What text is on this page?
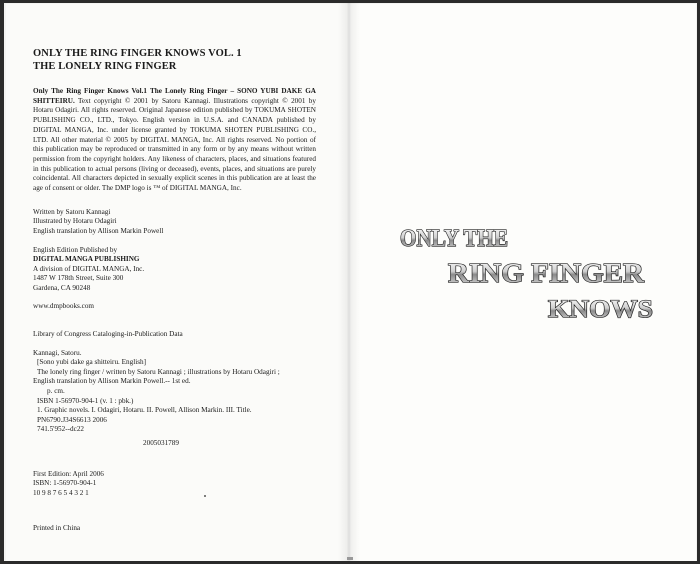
ONLY THE RING FINGER KNOWS VOL. 1

THE LONELY RING FINGER

Only The Ring Finger Knows Vol.1 The Lonely Ring Finger – SONO YUBI DAKE GA SHITTEIRU. Text copyright © 2001 by Satoru Kannagi. Illustrations copyright © 2001 by Hotaru Odagiri. All rights reserved. Original Japanese edition published by TOKUMA SHOTEN PUBLISHING CO., LTD., Tokyo. English version in U.S.A. and CANADA published by DIGITAL MANGA, Inc. under license granted by TOKUMA SHOTEN PUBLISHING CO., LTD. All other material © 2005 by DIGITAL MANGA, Inc. All rights reserved. No portion of this publication may be reproduced or transmitted in any form or by any means without written permission from the copyright holders. Any likeness of characters, places, and situations featured in this publication to actual persons (living or deceased), events, places, and situations are purely coincidental. All characters depicted in sexually explicit scenes in this publication are at least the age of consent or older. The DMP logo is ™ of DIGITAL MANGA, Inc.

Written by Satoru Kannagi
Illustrated by Hotaru Odagiri
English translation by Allison Markin Powell
English Edition Published by
DIGITAL MANGA PUBLISHING
A division of DIGITAL MANGA, Inc.
1487 W 178th Street, Suite 300
Gardena, CA 90248
www.dmpbooks.com
Library of Congress Cataloging-in-Publication Data
Kannagi, Satoru.
[Sono yubi dake ga shitteiru. English]
The lonely ring finger / written by Satoru Kannagi ; illustrations by Hotaru Odagiri ;
English translation by Allison Markin Powell.-- 1st ed.
p. cm.
ISBN 1-56970-904-1 (v. 1 : pbk.)
1. Graphic novels. I. Odagiri, Hotaru. II. Powell, Allison Markin. III. Title.
PN6790.J34S6613 2006
741.5'952--dc22
2005031789
First Edition: April 2006
ISBN: 1-56970-904-1
10 9 8 7 6 5 4 3 2 1
Printed in China
ONLY THE
RING FINGER
KNOWS
